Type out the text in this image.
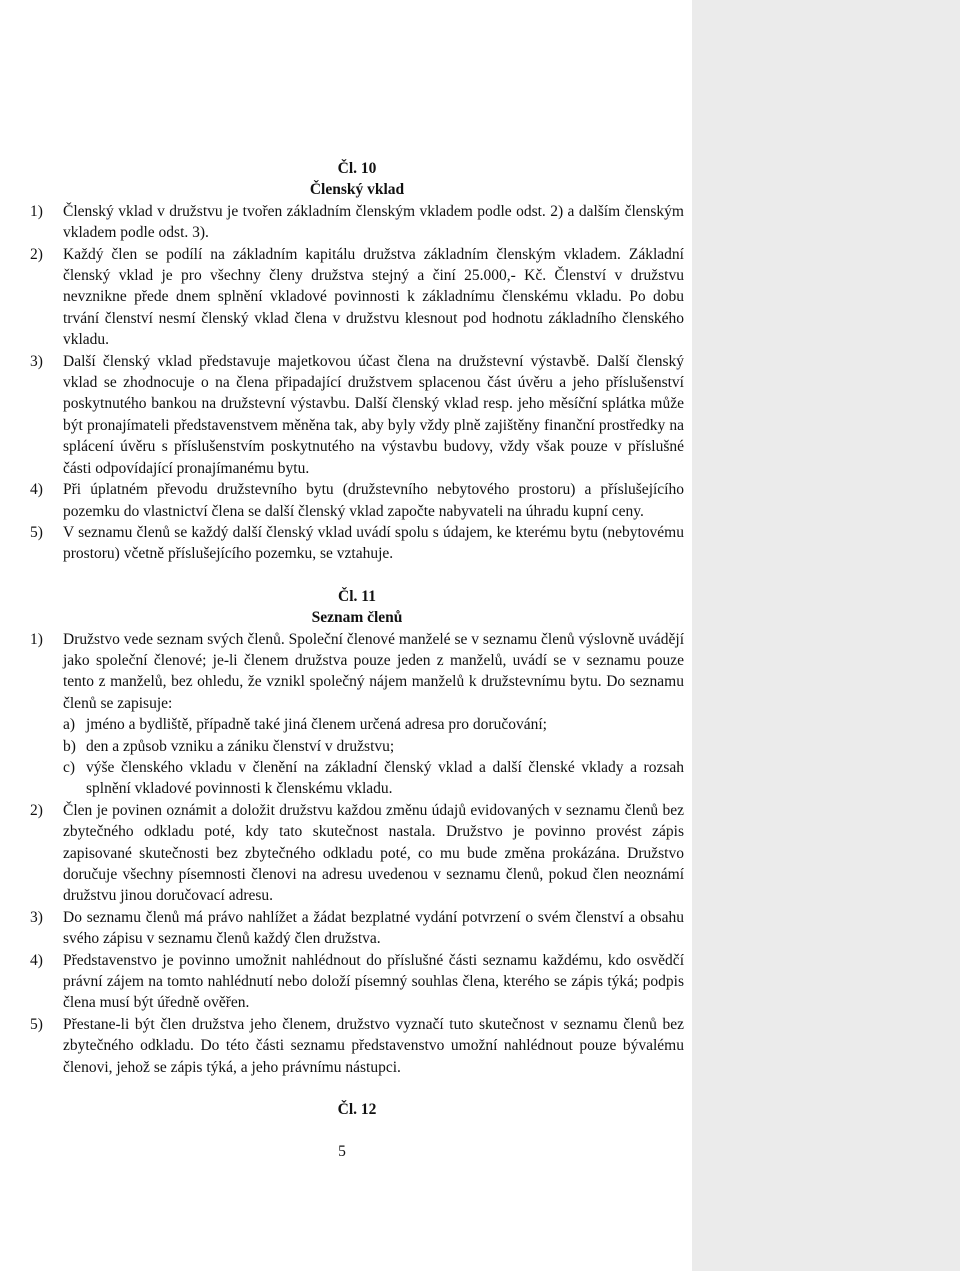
Čl. 10
Členský vklad
1)	Členský vklad v družstvu je tvořen základním členským vkladem podle odst. 2) a dalším členským vkladem podle odst. 3).
2)	Každý člen se podílí na základním kapitálu družstva základním členským vkladem. Základní členský vklad je pro všechny členy družstva stejný a činí 25.000,- Kč. Členství v družstvu nevznikne přede dnem splnění vkladové povinnosti k základnímu členskému vkladu. Po dobu trvání členství nesmí členský vklad člena v družstvu klesnout pod hodnotu základního členského vkladu.
3)	Další členský vklad představuje majetkovou účast člena na družstevní výstavbě. Další členský vklad se zhodnocuje o na člena připadající družstvem splacenou část úvěru a jeho příslušenství poskytnutého bankou na družstevní výstavbu. Další členský vklad resp. jeho měsíční splátka může být pronajímateli představenstvem měněna tak, aby byly vždy plně zajištěny finanční prostředky na splácení úvěru s příslušenstvím poskytnutého na výstavbu budovy, vždy však pouze v příslušné části odpovídající pronajímanému bytu.
4)	Při úplatném převodu družstevního bytu (družstevního nebytového prostoru) a příslušejícího pozemku do vlastnictví člena se další členský vklad započte nabyvateli na úhradu kupní ceny.
5)	V seznamu členů se každý další členský vklad uvádí spolu s údajem, ke kterému bytu (nebytovému prostoru) včetně příslušejícího pozemku, se vztahuje.
Čl. 11
Seznam členů
1)	Družstvo vede seznam svých členů. Společní členové manželé se v seznamu členů výslovně uvádějí jako společní členové; je-li členem družstva pouze jeden z manželů, uvádí se v seznamu pouze tento z manželů, bez ohledu, že vznikl společný nájem manželů k družstevnímu bytu. Do seznamu členů se zapisuje:
a) jméno a bydliště, případně také jiná členem určená adresa pro doručování;
b) den a způsob vzniku a zániku členství v družstvu;
c) výše členského vkladu v členění na základní členský vklad a další členské vklady a rozsah splnění vkladové povinnosti k členskému vkladu.
2)	Člen je povinen oznámit a doložit družstvu každou změnu údajů evidovaných v seznamu členů bez zbytečného odkladu poté, kdy tato skutečnost nastala. Družstvo je povinno provést zápis zapisované skutečnosti bez zbytečného odkladu poté, co mu bude změna prokázána. Družstvo doručuje všechny písemnosti členovi na adresu uvedenou v seznamu členů, pokud člen neoznámí družstvu jinou doručovací adresu.
3)	Do seznamu členů má právo nahlížet a žádat bezplatné vydání potvrzení o svém členství a obsahu svého zápisu v seznamu členů každý člen družstva.
4)	Představenstvo je povinno umožnit nahlédnout do příslušné části seznamu každému, kdo osvědčí právní zájem na tomto nahlédnutí nebo doloží písemný souhlas člena, kterého se zápis týká; podpis člena musí být úředně ověřen.
5)	Přestane-li být člen družstva jeho členem, družstvo vyznačí tuto skutečnost v seznamu členů bez zbytečného odkladu. Do této části seznamu představenstvo umožní nahlédnout pouze bývalému členovi, jehož se zápis týká, a jeho právnímu nástupci.
Čl. 12
5
